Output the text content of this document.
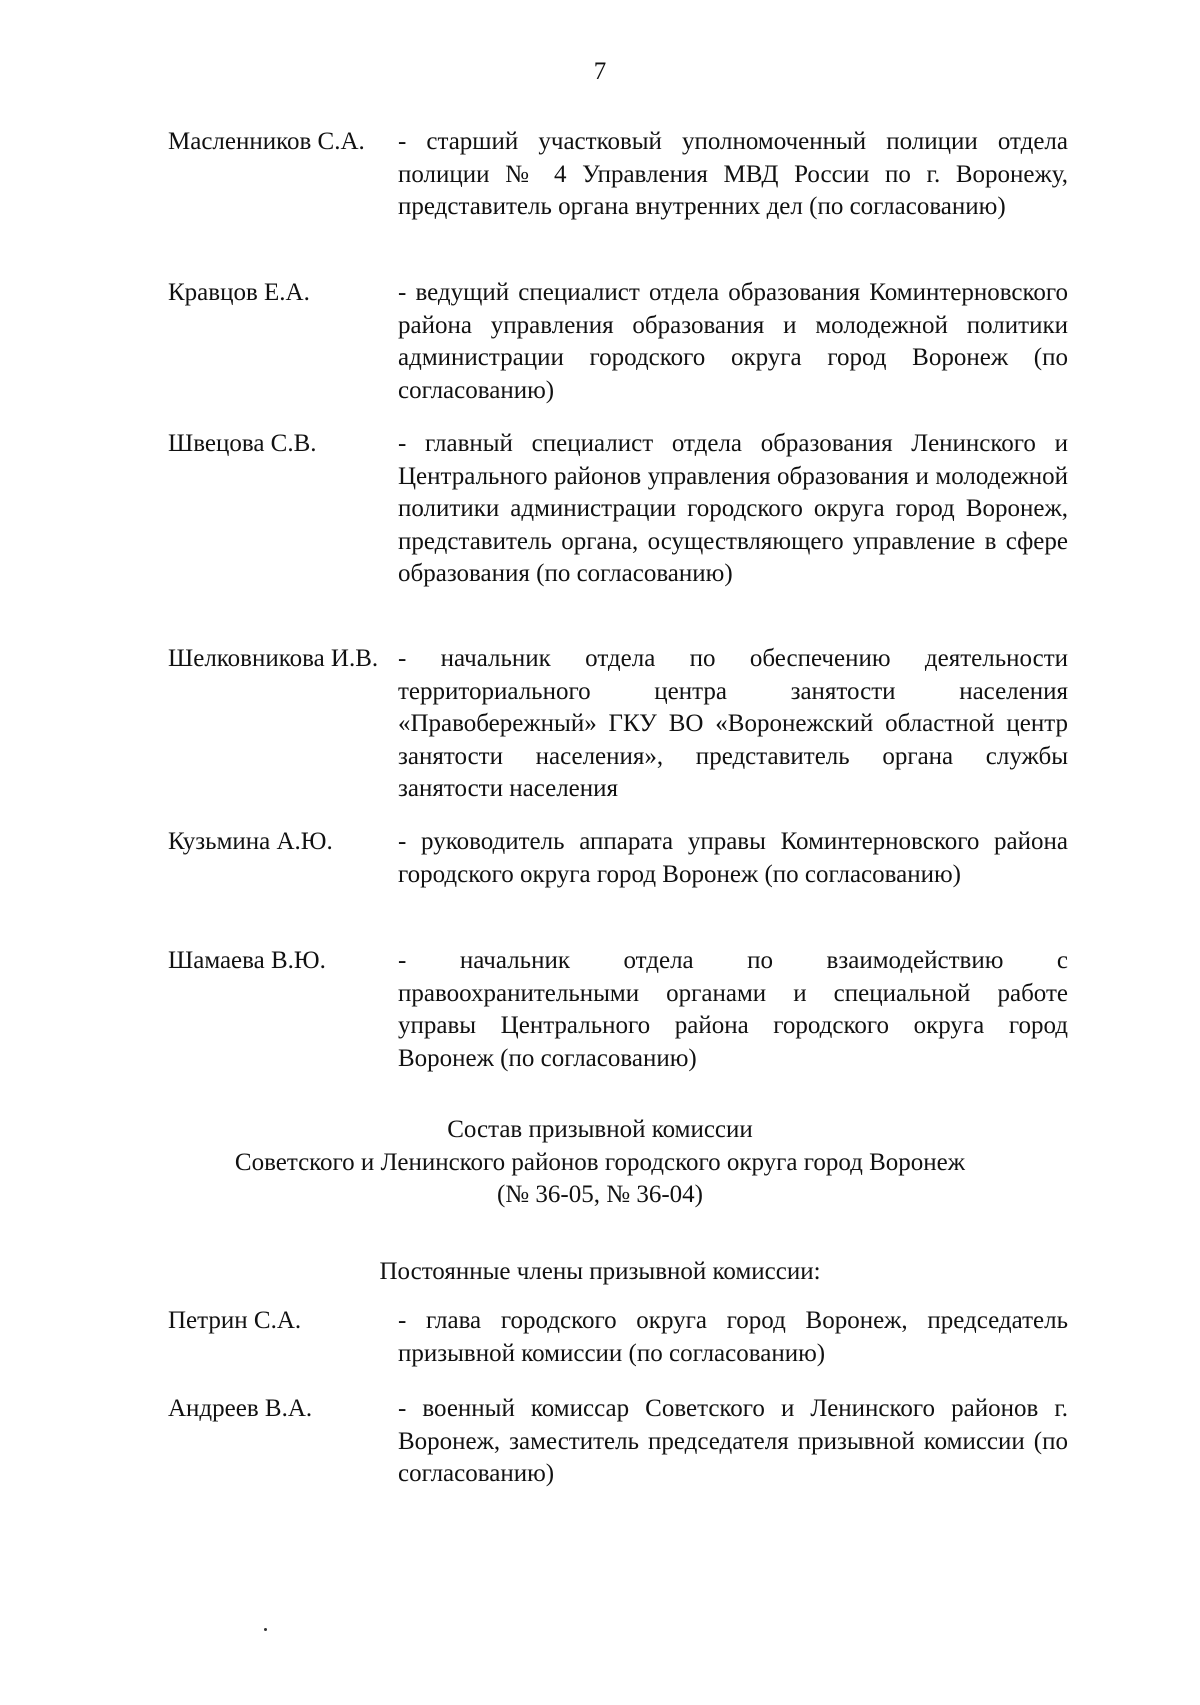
7
Масленников С.А.	- старший участковый уполномоченный полиции отдела полиции № 4 Управления МВД России по г. Воронежу, представитель органа внутренних дел (по согласованию)
Кравцов Е.А.	- ведущий специалист отдела образования Коминтерновского района управления образования и молодежной политики администрации городского округа город Воронеж (по согласованию)
Швецова С.В.	- главный специалист отдела образования Ленинского и Центрального районов управления образования и молодежной политики администрации городского округа город Воронеж, представитель органа, осуществляющего управление в сфере образования (по согласованию)
Шелковникова И.В. - начальник отдела по обеспечению деятельности территориального центра занятости населения «Правобережный» ГКУ ВО «Воронежский областной центр занятости населения», представитель органа службы занятости населения
Кузьмина А.Ю.	- руководитель аппарата управы Коминтерновского района городского округа город Воронеж (по согласованию)
Шамаева В.Ю.	- начальник отдела по взаимодействию с правоохранительными органами и специальной работе управы Центрального района городского округа город Воронеж (по согласованию)
Петрин С.А.	- глава городского округа город Воронеж, председатель призывной комиссии (по согласованию)
Андреев В.А.	- военный комиссар Советского и Ленинского районов г. Воронеж, заместитель председателя призывной комиссии (по согласованию)
Состав призывной комиссии
Советского и Ленинского районов городского округа город Воронеж
(№ 36-05, № 36-04)
Постоянные члены призывной комиссии:
